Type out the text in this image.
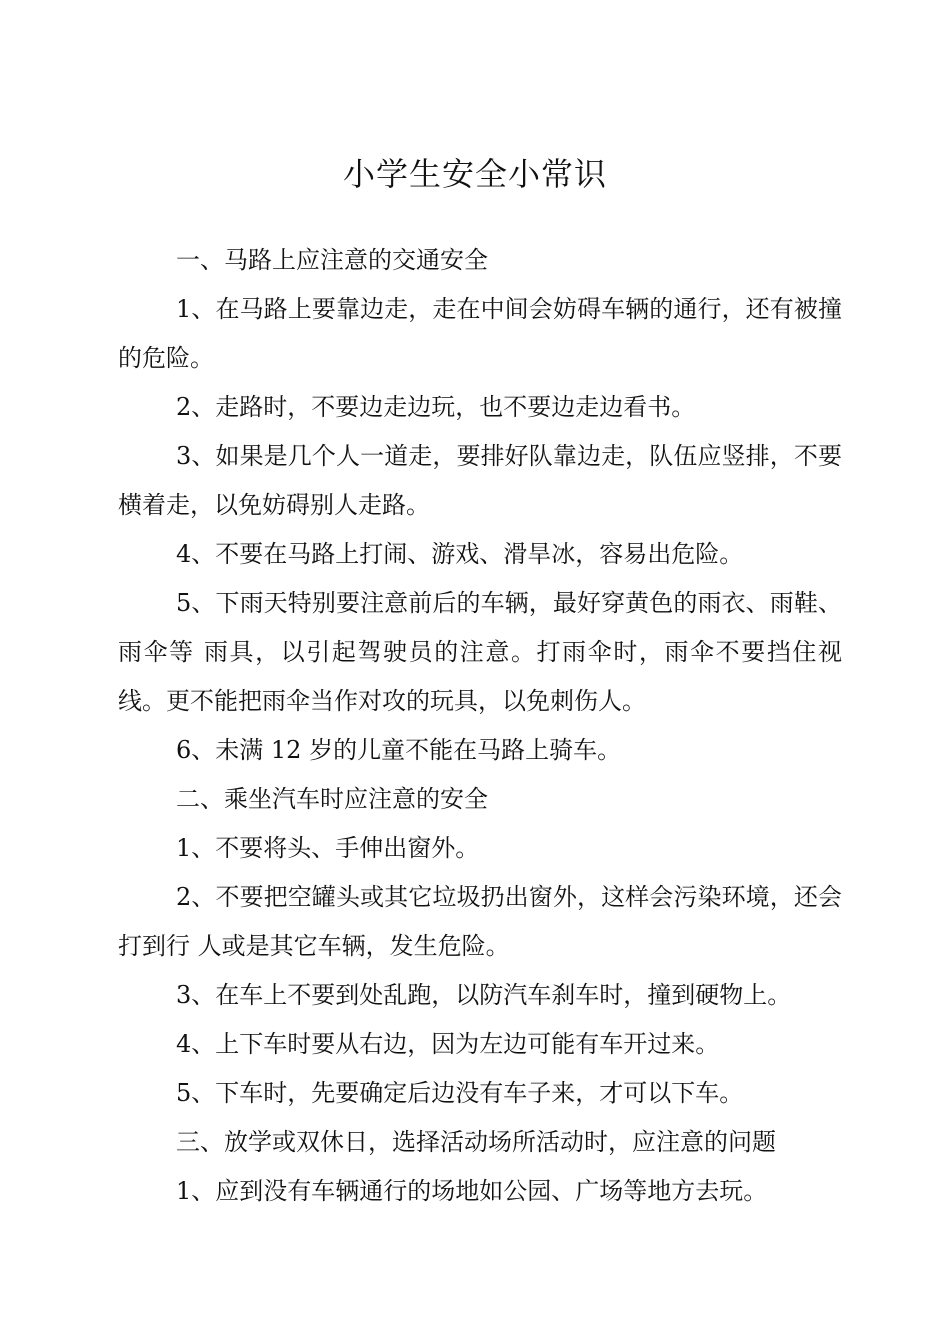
小学生安全小常识

一、马路上应注意的交通安全

1、在马路上要靠边走，走在中间会妨碍车辆的通行，还有被撞的危险。

2、走路时，不要边走边玩，也不要边走边看书。

3、如果是几个人一道走，要排好队靠边走，队伍应竖排，不要横着走，以免妨碍别人走路。

4、不要在马路上打闹、游戏、滑旱冰，容易出危险。

5、下雨天特别要注意前后的车辆，最好穿黄色的雨衣、雨鞋、雨伞等 雨具，以引起驾驶员的注意。打雨伞时，雨伞不要挡住视线。更不能把雨伞当作对攻的玩具，以免刺伤人。

6、未满 12 岁的儿童不能在马路上骑车。

二、乘坐汽车时应注意的安全

1、不要将头、手伸出窗外。

2、不要把空罐头或其它垃圾扔出窗外，这样会污染环境，还会打到行 人或是其它车辆，发生危险。

3、在车上不要到处乱跑，以防汽车刹车时，撞到硬物上。

4、上下车时要从右边，因为左边可能有车开过来。

5、下车时，先要确定后边没有车子来，才可以下车。

三、放学或双休日，选择活动场所活动时，应注意的问题

1、应到没有车辆通行的场地如公园、广场等地方去玩。
